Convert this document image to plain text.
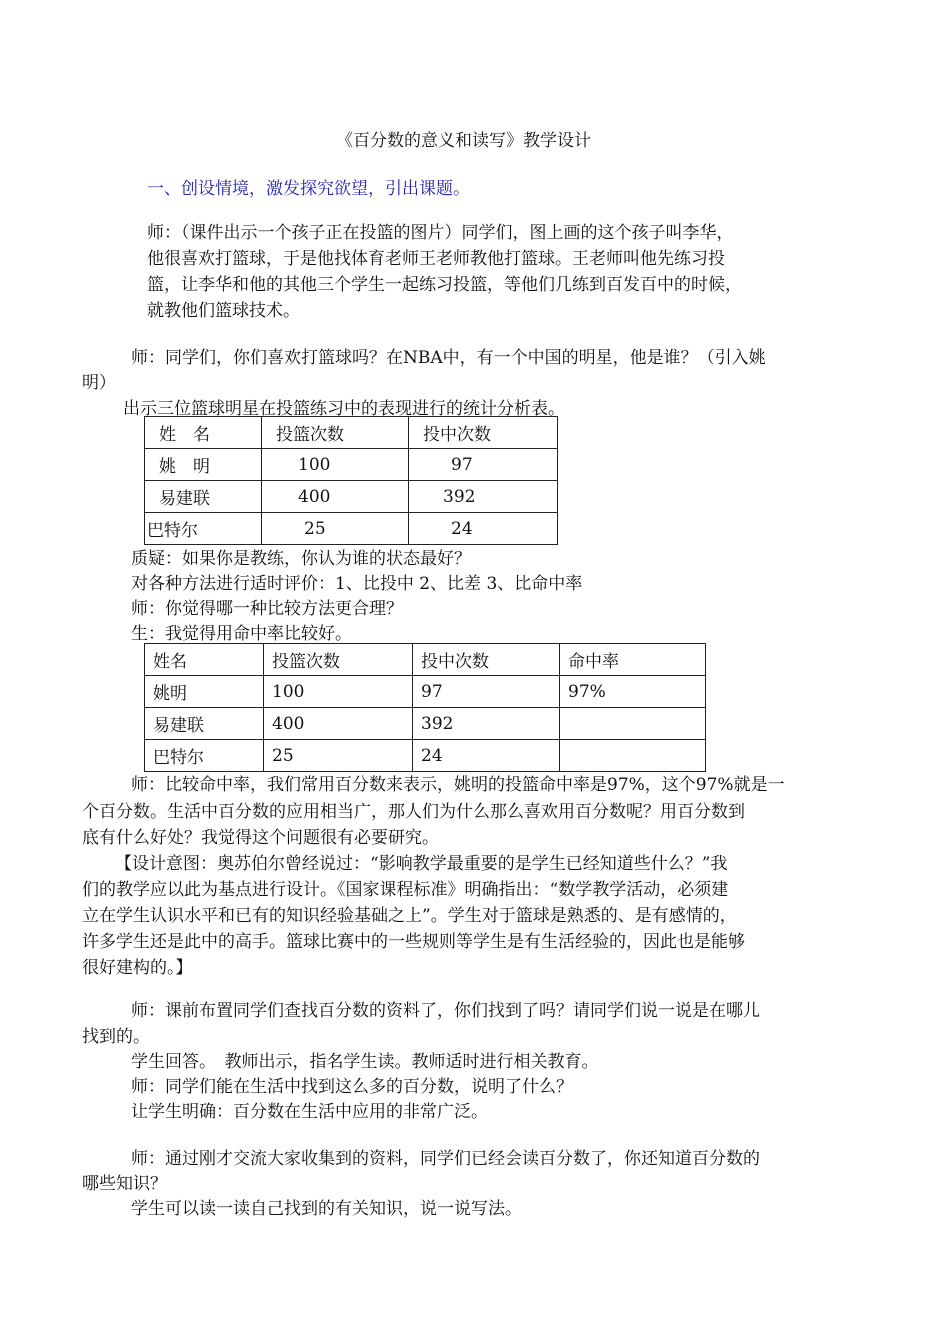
《百分数的意义和读写》教学设计
一、创设情境，激发探究欲望，引出课题。
师：（课件出示一个孩子正在投篮的图片）同学们，图上画的这个孩子叫李华，
他很喜欢打篮球，于是他找体育老师王老师教他打篮球。王老师叫他先练习投
篮，让李华和他的其他三个学生一起练习投篮，等他们几练到百发百中的时候，
就教他们篮球技术。
师：同学们，你们喜欢打篮球吗？在NBA中，有一个中国的明星，他是谁？（引入姚
明）
出示三位篮球明星在投篮练习中的表现进行的统计分析表。
姓　名	投篮次数	投中次数
姚　明	100	97
易建联	400	392
巴特尔	25	24
质疑：如果你是教练，你认为谁的状态最好？
对各种方法进行适时评价：1、比投中 2、比差 3、比命中率
师：你觉得哪一种比较方法更合理？
生：我觉得用命中率比较好。
姓名	投篮次数	投中次数	命中率
姚明	100	97	97%
易建联	400	392	
巴特尔	25	24	
师：比较命中率，我们常用百分数来表示，姚明的投篮命中率是97%，这个97%就是一
个百分数。生活中百分数的应用相当广，那人们为什么那么喜欢用百分数呢？用百分数到
底有什么好处？我觉得这个问题很有必要研究。
【设计意图：奥苏伯尔曾经说过：“影响教学最重要的是学生已经知道些什么？”我
们的教学应以此为基点进行设计。《国家课程标准》明确指出：“数学教学活动，必须建
立在学生认识水平和已有的知识经验基础之上”。学生对于篮球是熟悉的、是有感情的，
许多学生还是此中的高手。篮球比赛中的一些规则等学生是有生活经验的，因此也是能够
很好建构的。】
师：课前布置同学们查找百分数的资料了，你们找到了吗？请同学们说一说是在哪儿
找到的。
学生回答。　教师出示，指名学生读。教师适时进行相关教育。
师：同学们能在生活中找到这么多的百分数，说明了什么？
让学生明确：百分数在生活中应用的非常广泛。
师：通过刚才交流大家收集到的资料，同学们已经会读百分数了，你还知道百分数的
哪些知识？
学生可以读一读自己找到的有关知识，说一说写法。
